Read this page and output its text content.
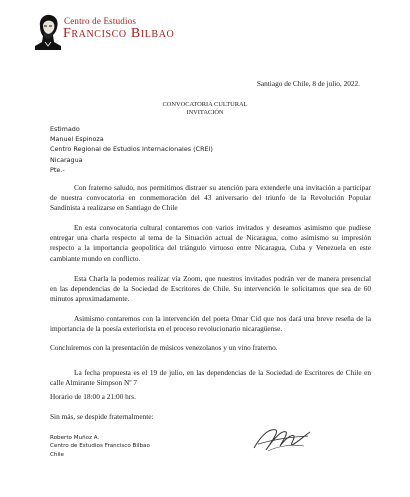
Centro de Estudios
Francisco Bilbao
Santiago de Chile, 8 de julio, 2022.
CONVOCATORIA CULTURAL
INVITACIÓN
Estimado
Manuel Espinoza
Centro Regional de Estudios Internacionales (CREI)
Nicaragua
Pte.-

Con fraterno saludo, nos permitimos distraer su atención para extenderle una invitación a participar de nuestra convocatoria en conmemoración del 43 aniversario del triunfo de la Revolución Popular Sandinista a realizarse en Santiago de Chile

En esta convocatoria cultural contaremos con varios invitados y deseamos asimismo que pudiese entregar una charla respecto al tema de la Situación actual de Nicaragua, como asimismo su impresión respecto a la importancia geopolítica del triángulo virtuoso entre Nicaragua, Cuba y Venezuela en este cambiante mundo en conflicto.

Esta Charla la podemos realizar vía Zoom, que nuestros invitados podrán ver de manera presencial en las dependencias de la Sociedad de Escritores de Chile. Su intervención le solicitamos que sea de 60 minutos aproximadamente.

Asimismo contaremos con la intervención del poeta Omar Cid que nos dará una breve reseña de la importancia de la poesía exteriorista en el proceso revolucionario nicaragüense.

Concluiremos con la presentación de músicos venezolanos y un vino fraterno.

La fecha propuesta es el 19 de julio, en las dependencias de la Sociedad de Escritores de Chile en calle Almirante Simpson Nº 7

Horario de 18:00 a 21:00 hrs.

Sin más, se despide fraternalmente:

Roberto Muñoz A.
Centro de Estudios Francisco Bilbao
Chile
